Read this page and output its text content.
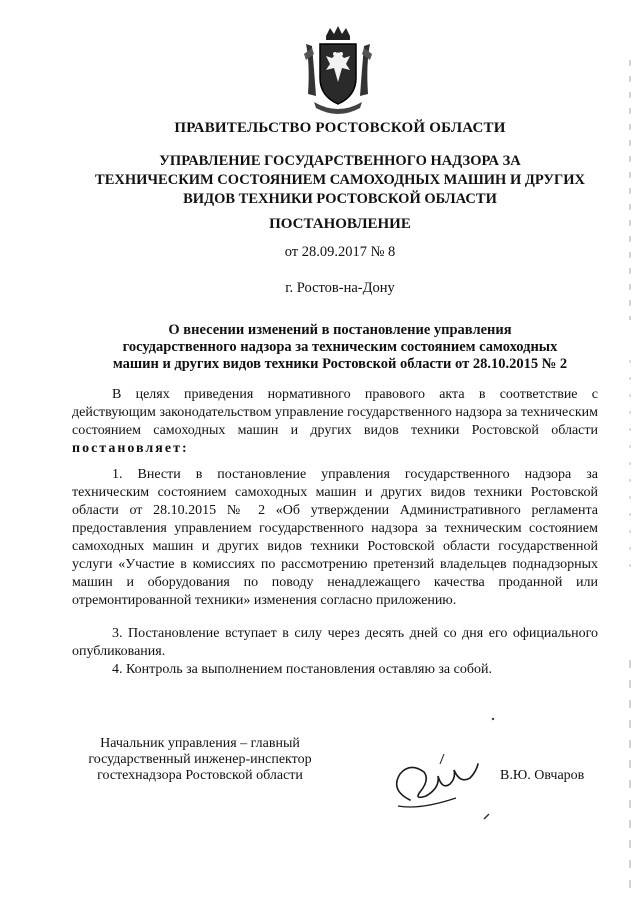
ПРАВИТЕЛЬСТВО РОСТОВСКОЙ ОБЛАСТИ
УПРАВЛЕНИЕ ГОСУДАРСТВЕННОГО НАДЗОРА ЗА
ТЕХНИЧЕСКИМ СОСТОЯНИЕМ САМОХОДНЫХ МАШИН И ДРУГИХ
ВИДОВ ТЕХНИКИ РОСТОВСКОЙ ОБЛАСТИ
ПОСТАНОВЛЕНИЕ
от 28.09.2017 № 8
г. Ростов-на-Дону
О внесении изменений в постановление управления
государственного надзора за техническим состоянием самоходных
машин и других видов техники Ростовской области от 28.10.2015 № 2
В целях приведения нормативного правового акта в соответствие с действующим законодательством управление государственного надзора за техническим состоянием самоходных машин и других видов техники Ростовской области постановляет:
1. Внести в постановление управления государственного надзора за техническим состоянием самоходных машин и других видов техники Ростовской области от 28.10.2015 № 2 «Об утверждении Административного регламента предоставления управлением государственного надзора за техническим состоянием самоходных машин и других видов техники Ростовской области государственной услуги «Участие в комиссиях по рассмотрению претензий владельцев поднадзорных машин и оборудования по поводу ненадлежащего качества проданной или отремонтированной техники» изменения согласно приложению.
3. Постановление вступает в силу через десять дней со дня его официального опубликования.
4. Контроль за выполнением постановления оставляю за собой.
Начальник управления – главный
государственный инженер-инспектор
гостехнадзора Ростовской области	В.Ю. Овчаров
